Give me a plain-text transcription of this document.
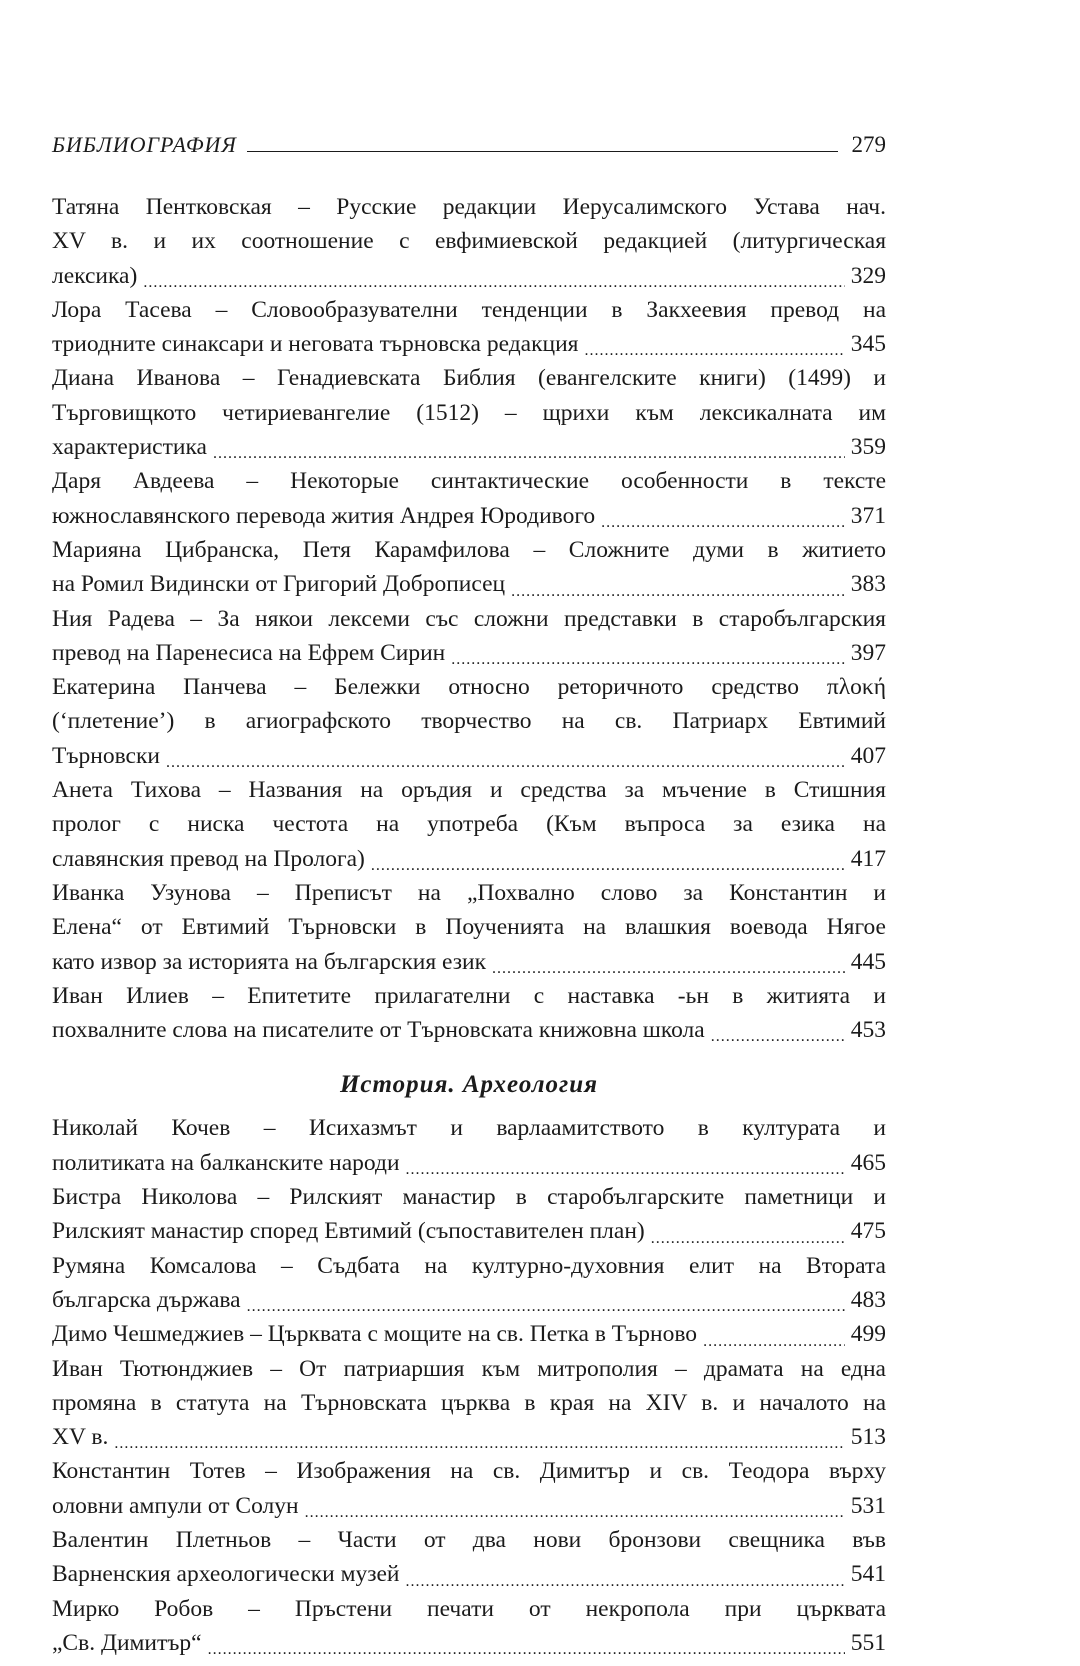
БИБЛИОГРАФИЯ	279
Татяна Пентковская – Русские редакции Иерусалимского Устава нач.
XV в. и их соотношение с евфимиевской редакцией (литургическая
лексика) .....	329
Лора Тасева – Словообразувателни тенденции в Закхеевия превод на
триодните синаксари и неговата търновска редакция .....	345
Диана Иванова – Генадиевската Библия (евангелските книги) (1499) и
Търговищкото четириевангелие (1512) – щрихи към лексикалната им
характеристика .....	359
Даря Авдеева – Некоторые синтактические особенности в тексте
южнославянского перевода жития Андрея Юродивого .....	371
Марияна Цибранска, Петя Карамфилова – Сложните думи в житието
на Ромил Видински от Григорий Доброписец .....	383
Ния Радева – За някои лексеми със сложни представки в старобългарския
превод на Паренесиса на Ефрем Сирин .....	397
Екатерина Панчева – Бележки относно реторичното средство πλοκή
(‘плетение’) в агиографското творчество на св. Патриарх Евтимий
Търновски .....	407
Анета Тихова – Названия на оръдия и средства за мъчение в Стишния
пролог с ниска честота на употреба (Към въпроса за езика на
славянския превод на Пролога) .....	417
Иванка Узунова – Преписът на „Похвално слово за Константин и
Елена“ от Евтимий Търновски в Поученията на влашкия воевода Нягое
като извор за историята на българския език .....	445
Иван Илиев – Епитетите прилагателни с наставка -ьн в житията и
похвалните слова на писателите от Търновската книжовна школа .....	453
История. Археология
Николай Кочев – Исихазмът и варлаамитството в културата и
политиката на балканските народи .....	465
Бистра Николова – Рилският манастир в старобългарските паметници и
Рилският манастир според Евтимий (съпоставителен план) .....	475
Румяна Комсалова – Съдбата на културно-духовния елит на Втората
българска държава .....	483
Димо Чешмеджиев – Църквата с мощите на св. Петка в Търново .....	499
Иван Тютюнджиев – От патриаршия към митрополия – драмата на една
промяна в статута на Търновската църква в края на XIV в. и началото на
XV в. .....	513
Константин Тотев – Изображения на св. Димитър и св. Теодора върху
оловни ампули от Солун .....	531
Валентин Плетньов – Части от два нови бронзови свещника във
Варненския археологически музей .....	541
Мирко Робов – Пръстени печати от некропола при църквата
„Св. Димитър“ .....	551
